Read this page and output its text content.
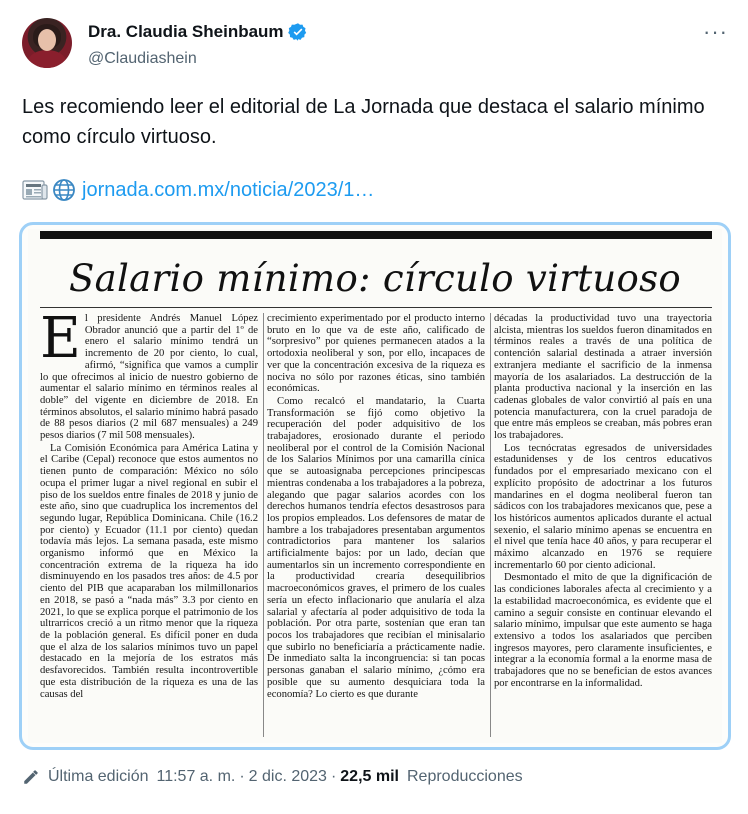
Dra. Claudia Sheinbaum
@Claudiashein
···
Les recomiendo leer el editorial de La Jornada que destaca el salario mínimo como círculo virtuoso.
jornada.com.mx/noticia/2023/1…
Salario mínimo: círculo virtuoso

El presidente Andrés Manuel López Obrador anunció que a partir del 1º de enero el salario mínimo tendrá un incremento de 20 por ciento, lo cual, afirmó, “significa que vamos a cumplir lo que ofrecimos al inicio de nuestro gobierno de aumentar el salario mínimo en términos reales al doble” del vigente en diciembre de 2018. En términos absolutos, el salario mínimo habrá pasado de 88 pesos diarios (2 mil 687 mensuales) a 249 pesos diarios (7 mil 508 mensuales).

La Comisión Económica para América Latina y el Caribe (Cepal) reconoce que estos aumentos no tienen punto de comparación: México no sólo ocupa el primer lugar a nivel regional en subir el piso de los sueldos entre finales de 2018 y junio de este año, sino que cuadruplica los incrementos del segundo lugar, República Dominicana. Chile (16.2 por ciento) y Ecuador (11.1 por ciento) quedan todavía más lejos. La semana pasada, este mismo organismo informó que en México la concentración extrema de la riqueza ha ido disminuyendo en los pasados tres años: de 4.5 por ciento del PIB que acaparaban los milmillonarios en 2018, se pasó a “nada más” 3.3 por ciento en 2021, lo que se explica porque el patrimonio de los ultrarricos creció a un ritmo menor que la riqueza de la población general. Es difícil poner en duda que el alza de los salarios mínimos tuvo un papel destacado en la mejoría de los estratos más desfavorecidos. También resulta incontrovertible que esta distribución de la riqueza es una de las causas del

crecimiento experimentado por el producto interno bruto en lo que va de este año, calificado de “sorpresivo” por quienes permanecen atados a la ortodoxia neoliberal y son, por ello, incapaces de ver que la concentración excesiva de la riqueza es nociva no sólo por razones éticas, sino también económicas.

Como recalcó el mandatario, la Cuarta Transformación se fijó como objetivo la recuperación del poder adquisitivo de los trabajadores, erosionado durante el periodo neoliberal por el control de la Comisión Nacional de los Salarios Mínimos por una camarilla cínica que se autoasignaba percepciones principescas mientras condenaba a los trabajadores a la pobreza, alegando que pagar salarios acordes con los derechos humanos tendría efectos desastrosos para los propios empleados. Los defensores de matar de hambre a los trabajadores presentaban argumentos contradictorios para mantener los salarios artificialmente bajos: por un lado, decían que aumentarlos sin un incremento correspondiente en la productividad crearía desequilibrios macroeconómicos graves, el primero de los cuales sería un efecto inflacionario que anularía el alza salarial y afectaría al poder adquisitivo de toda la población. Por otra parte, sostenían que eran tan pocos los trabajadores que recibían el minisalario que subirlo no beneficiaría a prácticamente nadie. De inmediato salta la incongruencia: si tan pocas personas ganaban el salario mínimo, ¿cómo era posible que su aumento desquiciara toda la economía? Lo cierto es que durante

décadas la productividad tuvo una trayectoria alcista, mientras los sueldos fueron dinamitados en términos reales a través de una política de contención salarial destinada a atraer inversión extranjera mediante el sacrificio de la inmensa mayoría de los asalariados. La destrucción de la planta productiva nacional y la inserción en las cadenas globales de valor convirtió al país en una potencia manufacturera, con la cruel paradoja de que entre más empleos se creaban, más pobres eran los trabajadores.

Los tecnócratas egresados de universidades estadunidenses y de los centros educativos fundados por el empresariado mexicano con el explícito propósito de adoctrinar a los futuros mandarines en el dogma neoliberal fueron tan sádicos con los trabajadores mexicanos que, pese a los históricos aumentos aplicados durante el actual sexenio, el salario mínimo apenas se encuentra en el nivel que tenía hace 40 años, y para recuperar el máximo alcanzado en 1976 se requiere incrementarlo 60 por ciento adicional.

Desmontado el mito de que la dignificación de las condiciones laborales afecta al crecimiento y a la estabilidad macroeconómica, es evidente que el camino a seguir consiste en continuar elevando el salario mínimo, impulsar que este aumento se haga extensivo a todos los asalariados que perciben ingresos mayores, pero claramente insuficientes, e integrar a la economía formal a la enorme masa de trabajadores que no se benefician de estos avances por encontrarse en la informalidad.

Última edición 11:57 a. m. · 2 dic. 2023 · 22,5 mil Reproducciones
